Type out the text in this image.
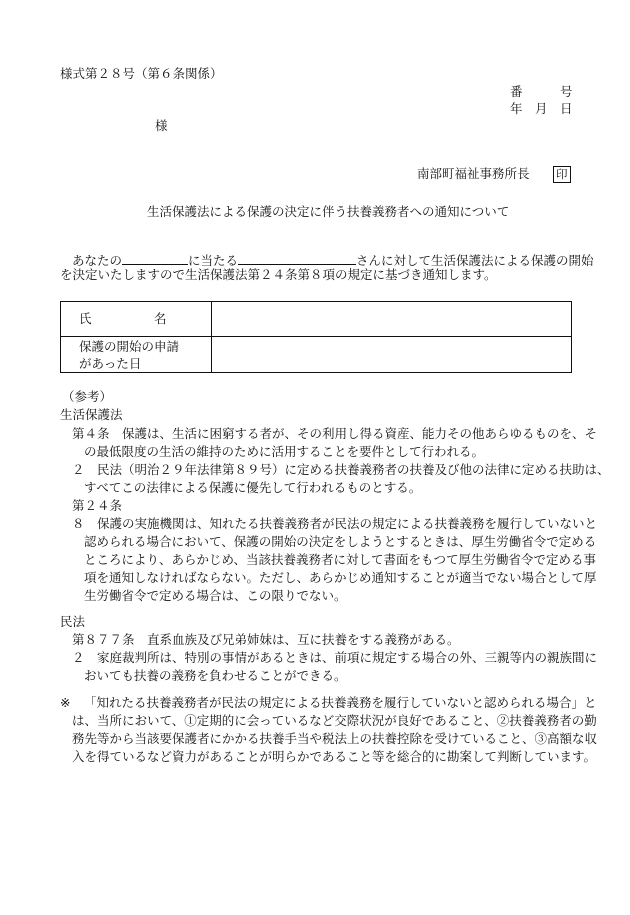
様式第２８号（第６条関係）
番　　　号
年　月　日
様
南部町福祉事務所長 印
生活保護法による保護の決定に伴う扶養義務者への通知について
あなたの	に当たる	さんに対して生活保護法による保護の開始
を決定いたしますので生活保護法第２４条第８項の規定に基づき通知します。
氏　　　　　名
保護の開始の申請
があった日
（参考）
生活保護法
第４条　保護は、生活に困窮する者が、その利用し得る資産、能力その他あらゆるものを、そ
の最低限度の生活の維持のために活用することを要件として行われる。
２　民法（明治２９年法律第８９号）に定める扶養義務者の扶養及び他の法律に定める扶助は、
すべてこの法律による保護に優先して行われるものとする。
第２４条
８　保護の実施機関は、知れたる扶養義務者が民法の規定による扶養義務を履行していないと
認められる場合において、保護の開始の決定をしようとするときは、厚生労働省令で定める
ところにより、あらかじめ、当該扶養義務者に対して書面をもつて厚生労働省令で定める事
項を通知しなければならない。ただし、あらかじめ通知することが適当でない場合として厚
生労働省令で定める場合は、この限りでない。
民法
第８７７条　直系血族及び兄弟姉妹は、互に扶養をする義務がある。
２　家庭裁判所は、特別の事情があるときは、前項に規定する場合の外、三親等内の親族間に
おいても扶養の義務を負わせることができる。
※ 「知れたる扶養義務者が民法の規定による扶養義務を履行していないと認められる場合」と
は、当所において、①定期的に会っているなど交際状況が良好であること、②扶養義務者の勤
務先等から当該要保護者にかかる扶養手当や税法上の扶養控除を受けていること、③高額な収
入を得ているなど資力があることが明らかであること等を総合的に勘案して判断しています。
